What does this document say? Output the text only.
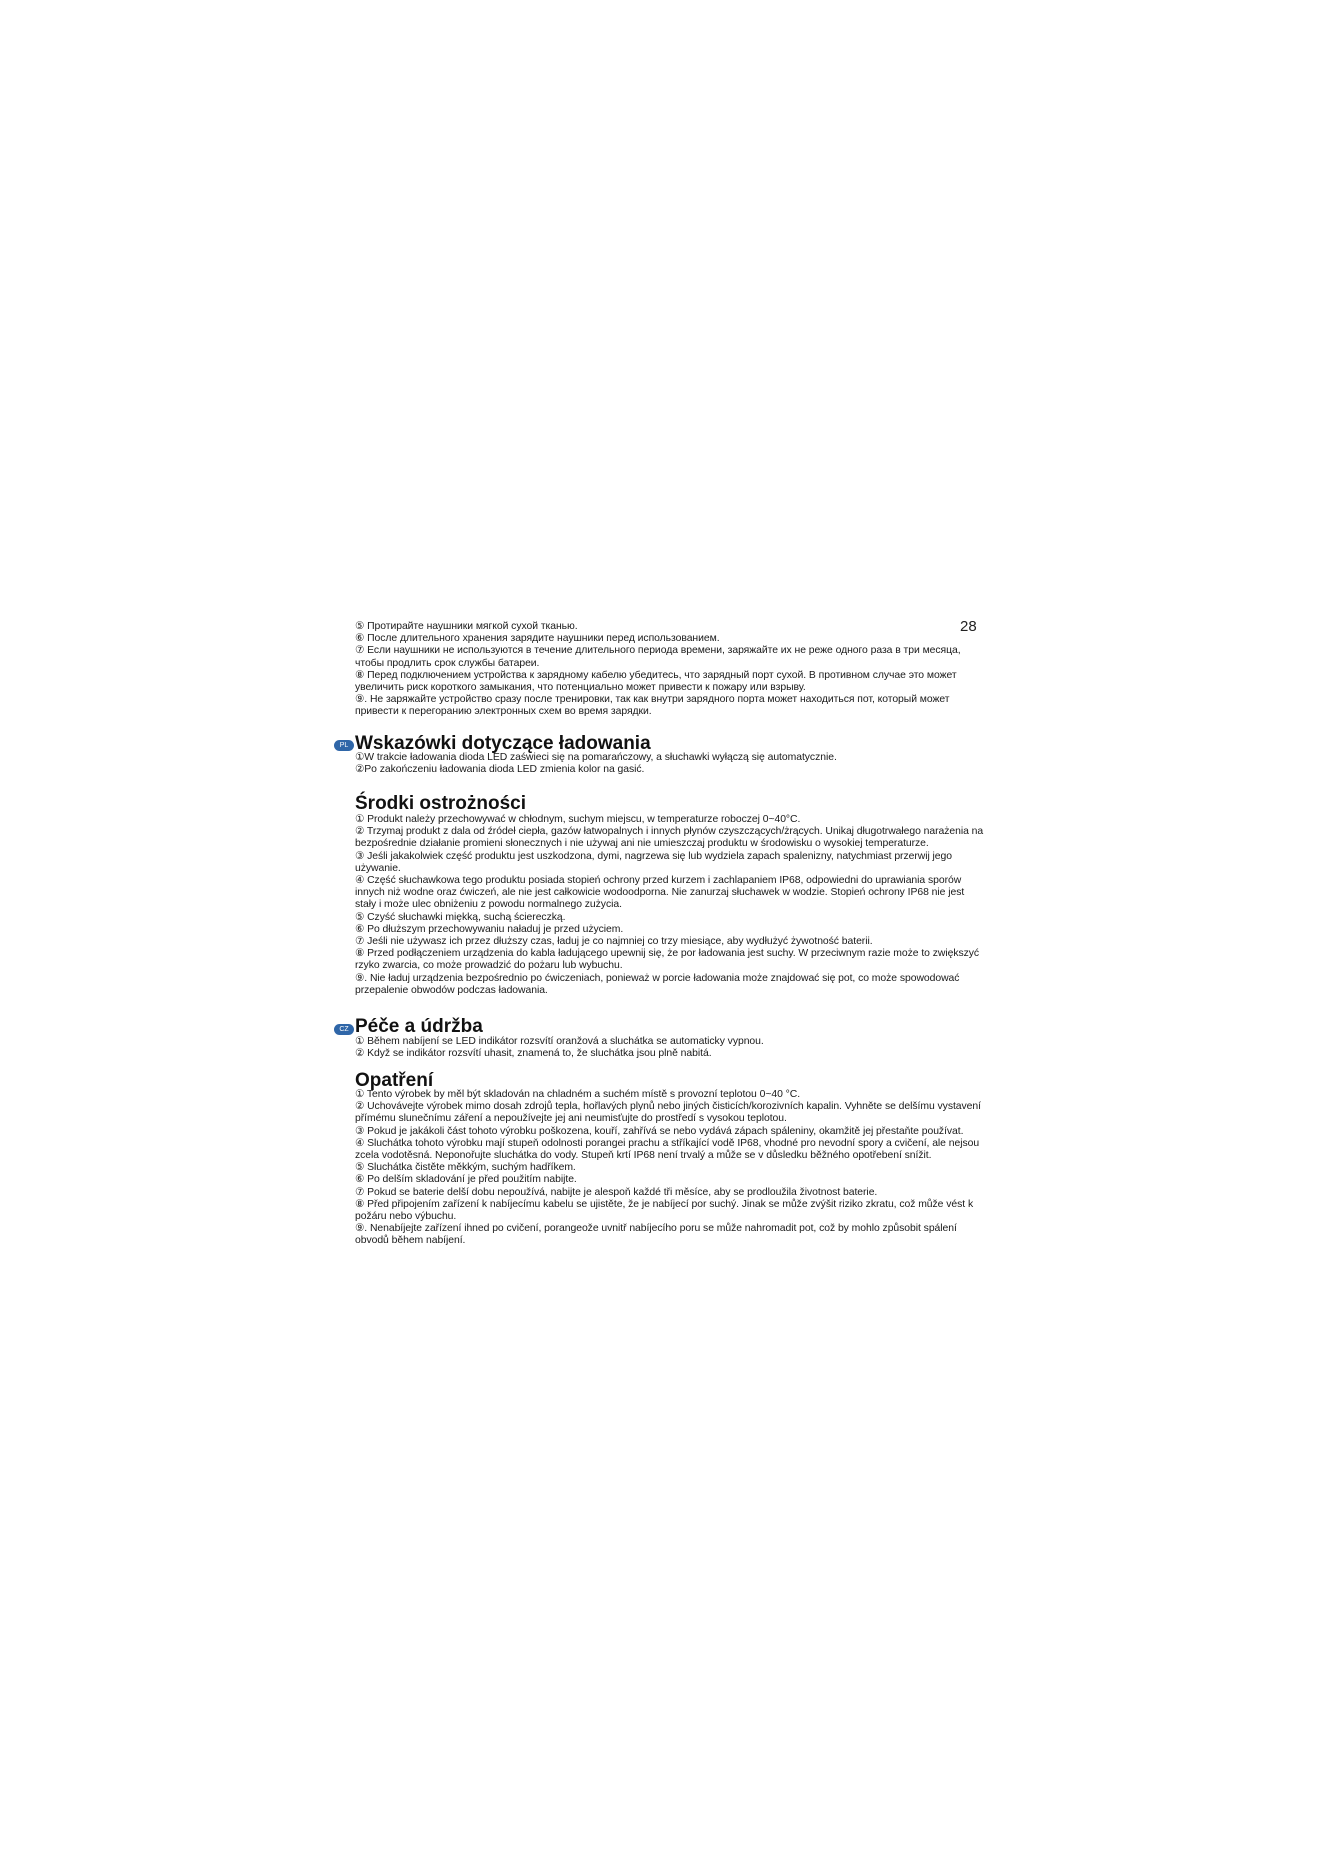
28
⑤ Протирайте наушники мягкой сухой тканью.
⑥ После длительного хранения зарядите наушники перед использованием.
⑦ Если наушники не используются в течение длительного периода времени, заряжайте их не реже одного раза в три месяца,
чтобы продлить срок службы батареи.
⑧ Перед подключением устройства к зарядному кабелю убедитесь, что зарядный порт сухой. В противном случае это может
увеличить риск короткого замыкания, что потенциально может привести к пожару или взрыву.
⑨. Не заряжайте устройство сразу после тренировки, так как внутри зарядного порта может находиться пот, который может
привести к перегоранию электронных схем во время зарядки.
PL Wskazówki dotyczące ładowania
①W trakcie ładowania dioda LED zaświeci się na pomarańczowy, a słuchawki wyłączą się automatycznie.
②Po zakończeniu ładowania dioda LED zmienia kolor na gasić.
Środki ostrożności
① Produkt należy przechowywać w chłodnym, suchym miejscu, w temperaturze roboczej 0~40°C.
② Trzymaj produkt z dala od źródeł ciepła, gazów łatwopalnych i innych płynów czyszczących/żrących. Unikaj długotrwałego narażenia na
bezpośrednie działanie promieni słonecznych i nie używaj ani nie umieszczaj produktu w środowisku o wysokiej temperaturze.
③ Jeśli jakakolwiek część produktu jest uszkodzona, dymi, nagrzewa się lub wydziela zapach spalenizny, natychmiast przerwij jego
używanie.
④ Część słuchawkowa tego produktu posiada stopień ochrony przed kurzem i zachlapaniem IP68, odpowiedni do uprawiania sporów
innych niż wodne oraz ćwiczeń, ale nie jest całkowicie wodoodporna. Nie zanurzaj słuchawek w wodzie. Stopień ochrony IP68 nie jest
stały i może ulec obniżeniu z powodu normalnego zużycia.
⑤ Czyść słuchawki miękką, suchą ściereczką.
⑥ Po dłuższym przechowywaniu naładuj je przed użyciem.
⑦ Jeśli nie używasz ich przez dłuższy czas, ładuj je co najmniej co trzy miesiące, aby wydłużyć żywotność baterii.
⑧ Przed podłączeniem urządzenia do kabla ładującego upewnij się, że por ładowania jest suchy. W przeciwnym razie może to zwiększyć
rzyko zwarcia, co może prowadzić do pożaru lub wybuchu.
⑨. Nie ładuj urządzenia bezpośrednio po ćwiczeniach, ponieważ w porcie ładowania może znajdować się pot, co może spowodować
przepalenie obwodów podczas ładowania.
CZ Péče a údržba
① Během nabíjení se LED indikátor rozsvítí oranžová a sluchátka se automaticky vypnou.
② Když se indikátor rozsvítí uhasit, znamená to, že sluchátka jsou plně nabitá.
Opatření
① Tento výrobek by měl být skladován na chladném a suchém místě s provozní teplotou 0~40 °C.
② Uchovávejte výrobek mimo dosah zdrojů tepla, hořlavých plynů nebo jiných čisticích/korozivních kapalin. Vyhněte se delšímu vystavení
přímému slunečnímu záření a nepoužívejte jej ani neumisťujte do prostředí s vysokou teplotou.
③ Pokud je jakákoli část tohoto výrobku poškozena, kouří, zahřívá se nebo vydává zápach spáleniny, okamžitě jej přestaňte používat.
④ Sluchátka tohoto výrobku mají stupeň odolnosti porangei prachu a stříkající vodě IP68, vhodné pro nevodní spory a cvičení, ale nejsou
zcela vodotěsná. Neponořujte sluchátka do vody. Stupeň krtí IP68 není trvalý a může se v důsledku běžného opotřebení snížit.
⑤ Sluchátka čistěte měkkým, suchým hadříkem.
⑥ Po delším skladování je před použitím nabijte.
⑦ Pokud se baterie delší dobu nepoužívá, nabijte je alespoň každé tři měsíce, aby se prodloužila životnost baterie.
⑧ Před připojením zařízení k nabíjecímu kabelu se ujistěte, že je nabíjecí por suchý. Jinak se může zvýšit riziko zkratu, což může vést k
požáru nebo výbuchu.
⑨. Nenabíjejte zařízení ihned po cvičení, porangeože uvnitř nabíjecího poru se může nahromadit pot, což by mohlo způsobit spálení
obvodů během nabíjení.
